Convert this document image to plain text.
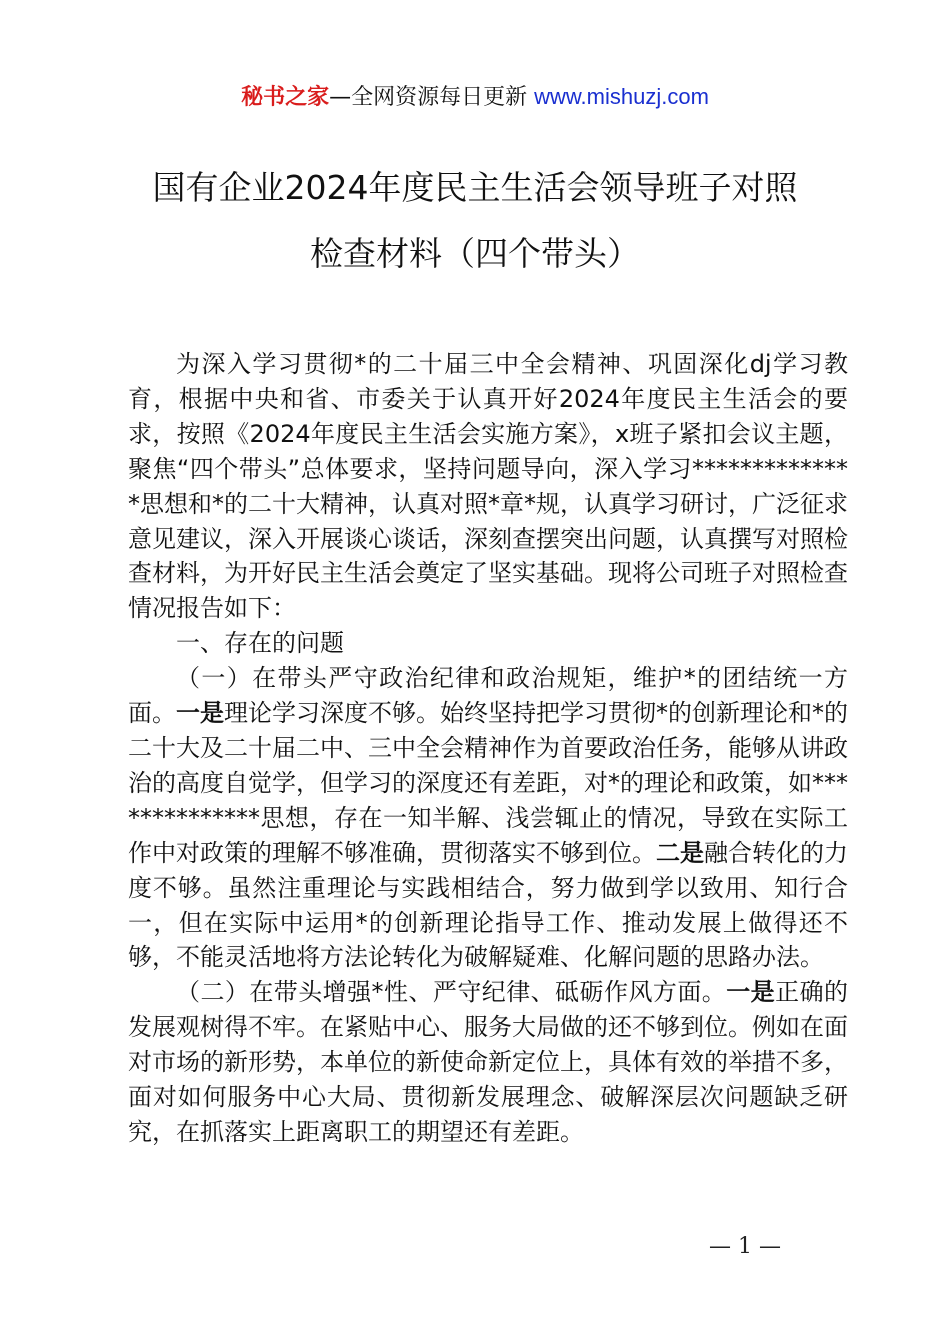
秘书之家—全网资源每日更新 www.mishuzj.com
国有企业2024年度民主生活会领导班子对照
检查材料（四个带头）

为深入学习贯彻*的二十届三中全会精神、巩固深化dj学习教育，根据中央和省、市委关于认真开好2024年度民主生活会的要求，按照《2024年度民主生活会实施方案》，x班子紧扣会议主题，聚焦“四个带头”总体要求，坚持问题导向，深入学习**************思想和*的二十大精神，认真对照*章*规，认真学习研讨，广泛征求意见建议，深入开展谈心谈话，深刻查摆突出问题，认真撰写对照检查材料，为开好民主生活会奠定了坚实基础。现将公司班子对照检查情况报告如下：

一、存在的问题

（一）在带头严守政治纪律和政治规矩，维护*的团结统一方面。一是理论学习深度不够。始终坚持把学习贯彻*的创新理论和*的二十大及二十届二中、三中全会精神作为首要政治任务，能够从讲政治的高度自觉学，但学习的深度还有差距，对*的理论和政策，如**************思想，存在一知半解、浅尝辄止的情况，导致在实际工作中对政策的理解不够准确，贯彻落实不够到位。二是融合转化的力度不够。虽然注重理论与实践相结合，努力做到学以致用、知行合一，但在实际中运用*的创新理论指导工作、推动发展上做得还不够，不能灵活地将方法论转化为破解疑难、化解问题的思路办法。

（二）在带头增强*性、严守纪律、砥砺作风方面。一是正确的发展观树得不牢。在紧贴中心、服务大局做的还不够到位。例如在面对市场的新形势，本单位的新使命新定位上，具体有效的举措不多，面对如何服务中心大局、贯彻新发展理念、破解深层次问题缺乏研究，在抓落实上距离职工的期望还有差距。

— 1 —
